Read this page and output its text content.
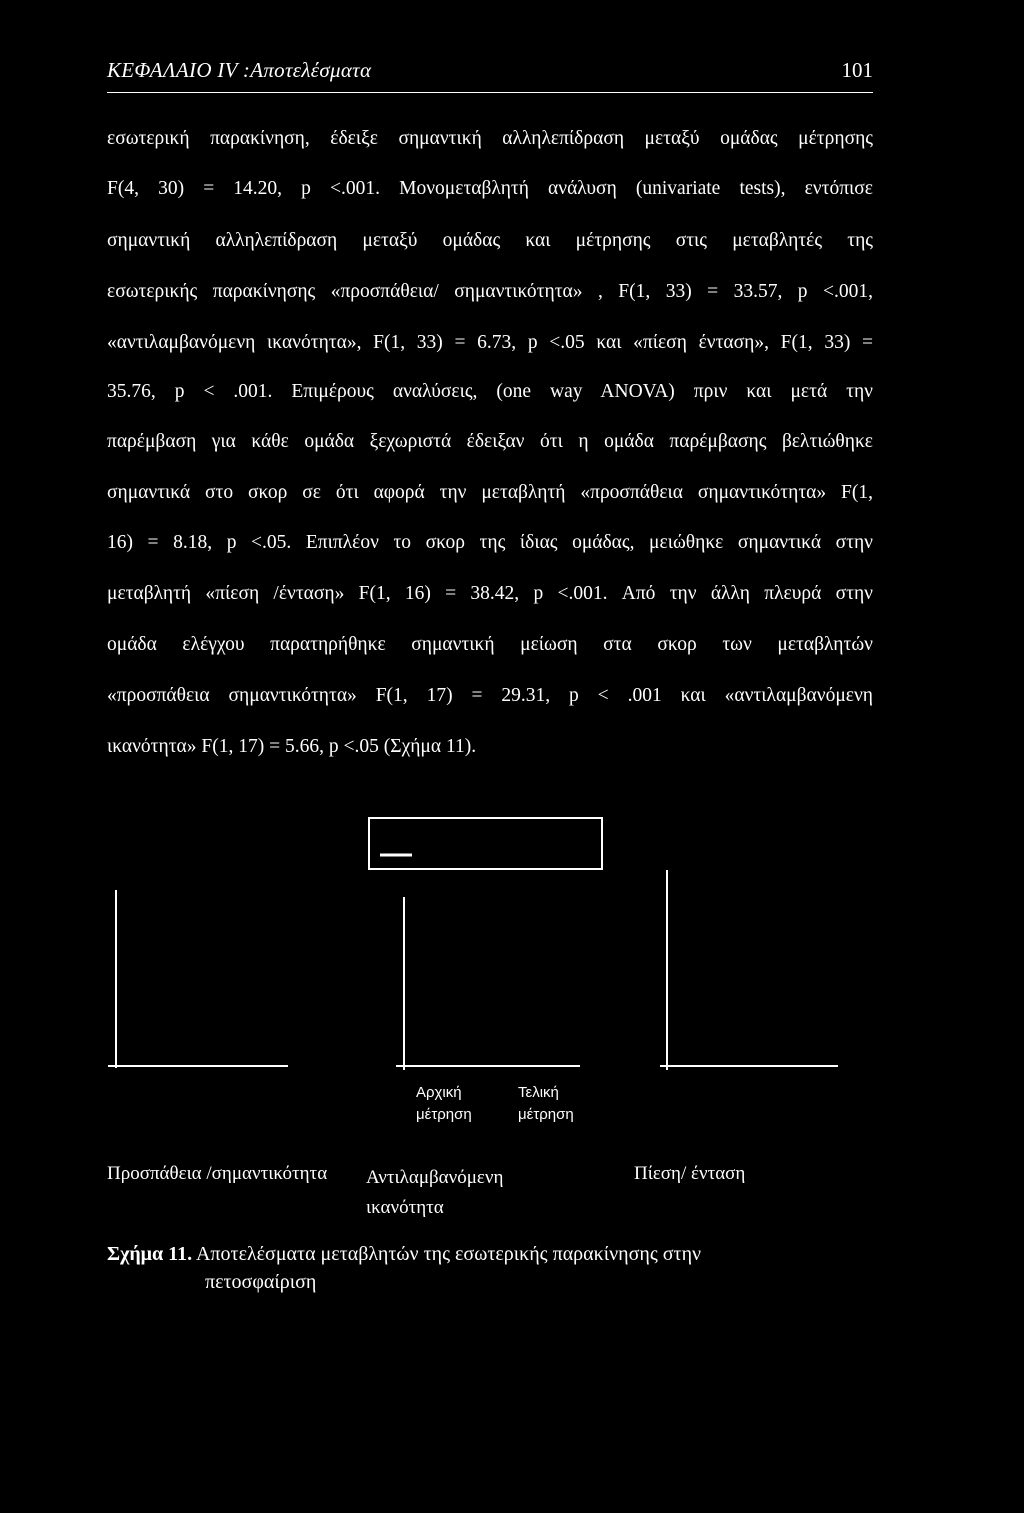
ΚΕΦΑΛΑΙΟ IV :Αποτελέσματα	101
εσωτερική παρακίνηση, έδειξε σημαντική αλληλεπίδραση μεταξύ ομάδας μέτρησης
F(4, 30) = 14.20, p <.001. Μονομεταβλητή ανάλυση (univariate tests), εντόπισε
σημαντική αλληλεπίδραση μεταξύ ομάδας και μέτρησης στις μεταβλητές της
εσωτερικής παρακίνησης «προσπάθεια/ σημαντικότητα» , F(1, 33) = 33.57, p <.001,
«αντιλαμβανόμενη ικανότητα», F(1, 33) = 6.73, p <.05 και «πίεση ένταση», F(1, 33) =
35.76, p < .001. Επιμέρους αναλύσεις, (one way ANOVA) πριν και μετά την
παρέμβαση για κάθε ομάδα ξεχωριστά έδειξαν ότι η ομάδα παρέμβασης βελτιώθηκε
σημαντικά στο σκορ σε ότι αφορά την μεταβλητή «προσπάθεια σημαντικότητα» F(1,
16) = 8.18, p <.05. Επιπλέον το σκορ της ίδιας ομάδας, μειώθηκε σημαντικά στην
μεταβλητή «πίεση /ένταση» F(1, 16) = 38.42, p <.001. Από την άλλη πλευρά στην
ομάδα ελέγχου παρατηρήθηκε σημαντική μείωση στα σκορ των μεταβλητών
«προσπάθεια σημαντικότητα» F(1, 17) = 29.31, p < .001 και «αντιλαμβανόμενη
ικανότητα» F(1, 17) = 5.66, p <.05 (Σχήμα 11).
Αρχική
μέτρηση
Τελική
μέτρηση
Προσπάθεια /σημαντικότητα Αντιλαμβανόμενη
ικανότητα
Πίεση/ ένταση
Σχήμα 11. Αποτελέσματα μεταβλητών της εσωτερικής παρακίνησης στην
πετοσφαίριση
